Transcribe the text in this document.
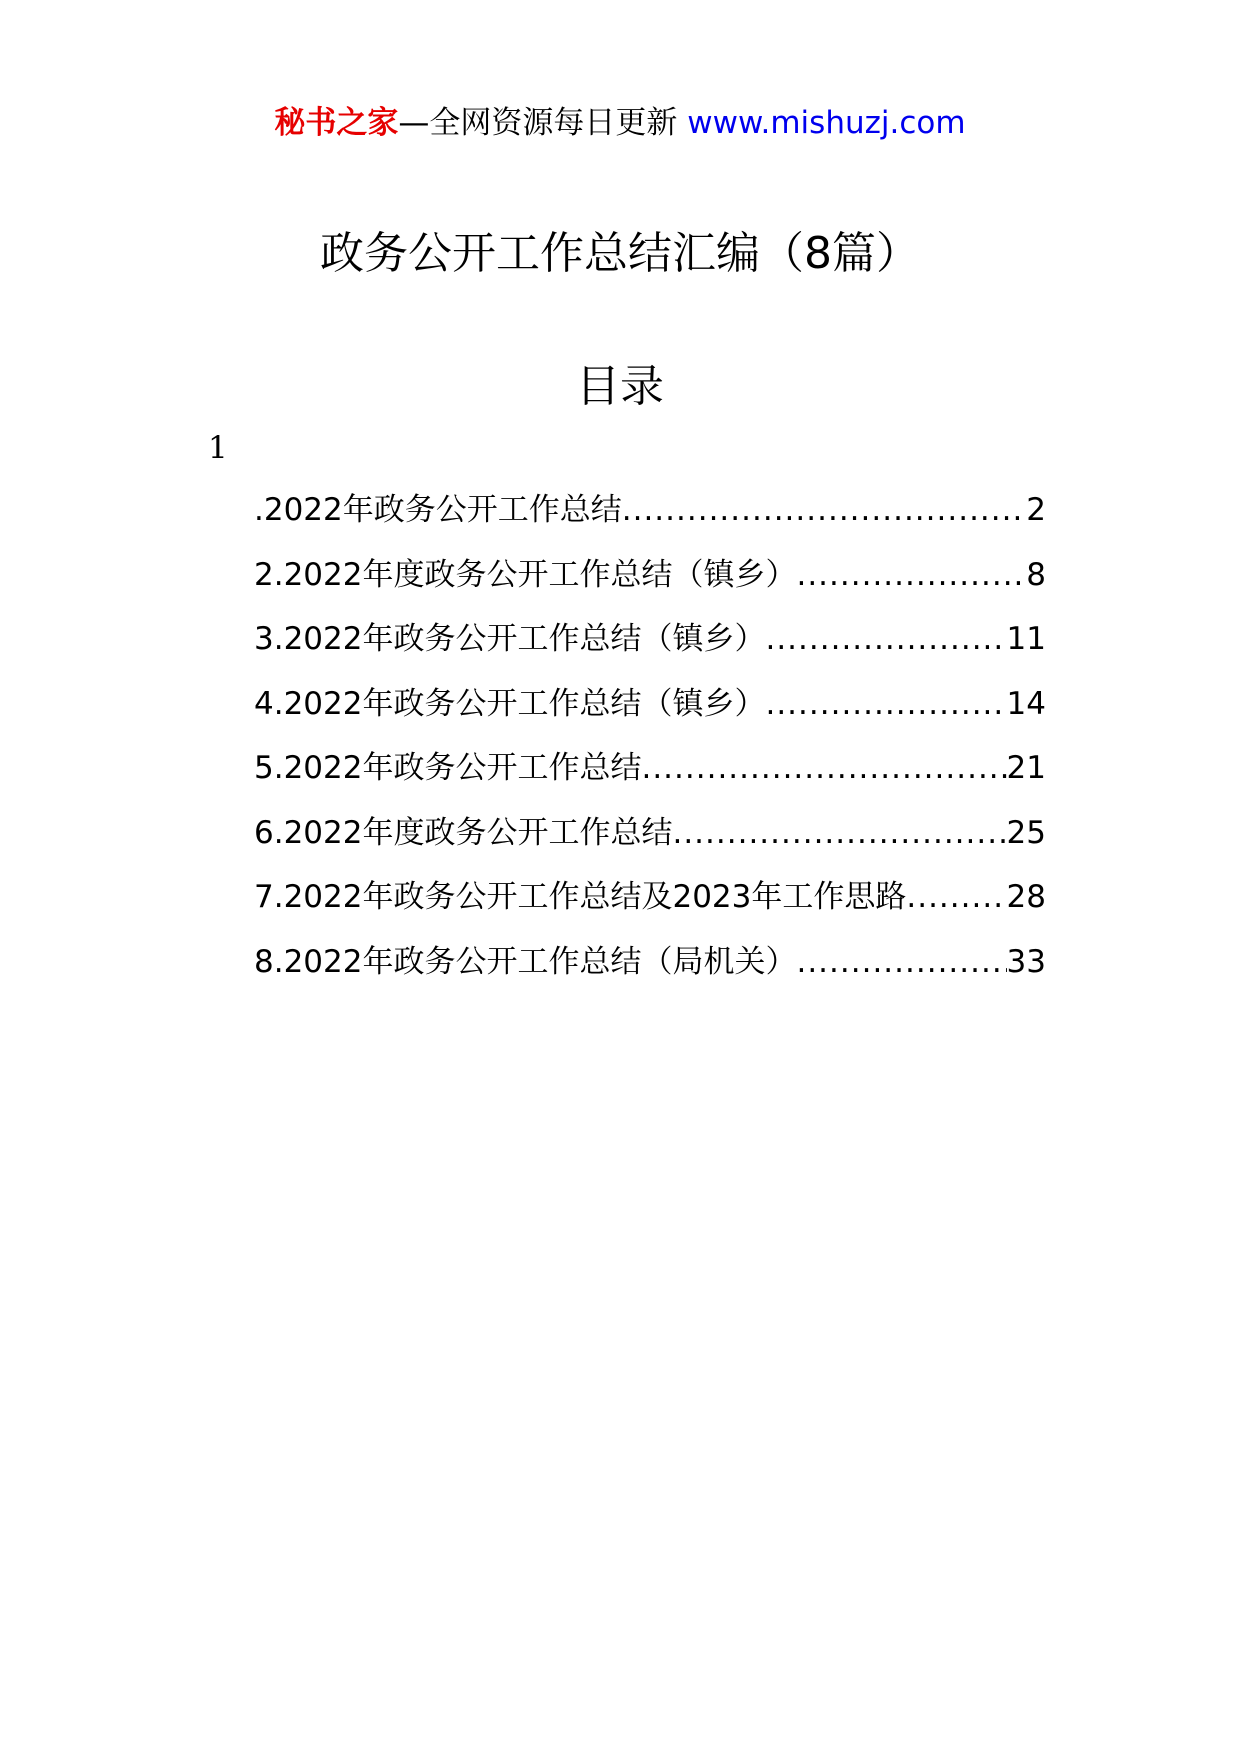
秘书之家—全网资源每日更新 www.mishuzj.com
政务公开工作总结汇编（8篇）
目录
1
.2022年政务公开工作总结 .....	2
2.2022年度政务公开工作总结（镇乡） .....	8
3.2022年政务公开工作总结（镇乡） .....	11
4.2022年政务公开工作总结（镇乡） .....	14
5.2022年政务公开工作总结 .....	21
6.2022年度政务公开工作总结 .....	25
7.2022年政务公开工作总结及2023年工作思路 .....	28
8.2022年政务公开工作总结（局机关） .....	33
